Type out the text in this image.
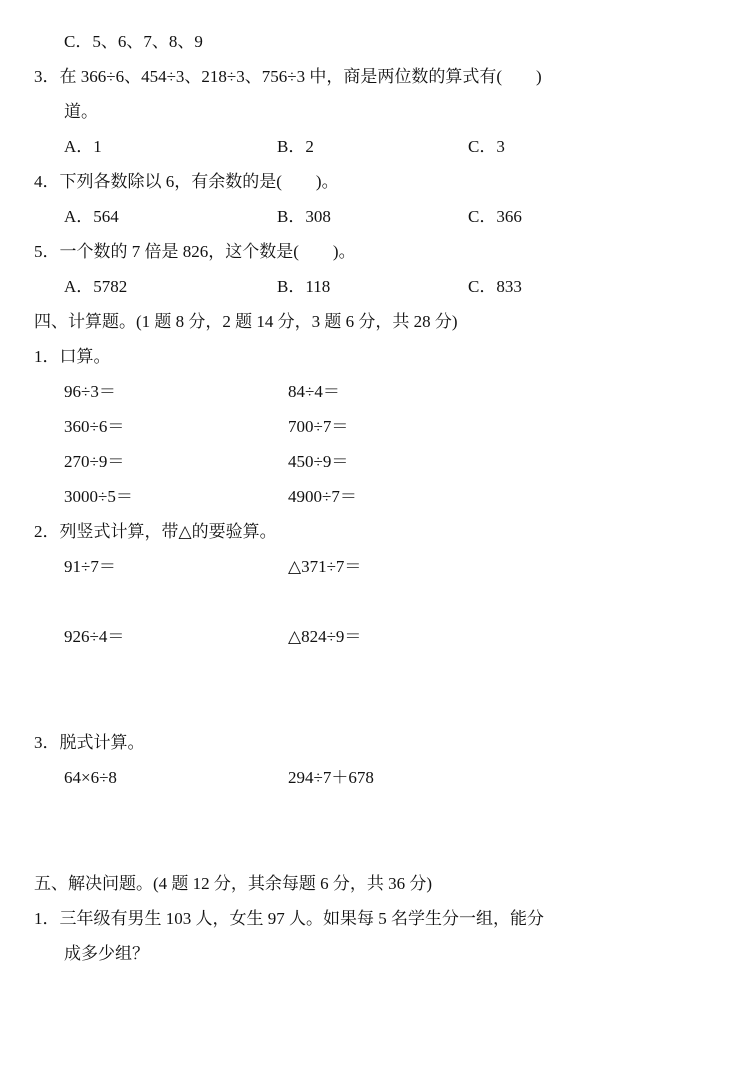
C．5、6、7、8、9
3．在 366÷6、454÷3、218÷3、756÷3 中，商是两位数的算式有(　　)
道。
A．1	B．2	C．3
4．下列各数除以 6，有余数的是(　　)。
A．564	B．308	C．366
5．一个数的 7 倍是 826，这个数是(　　)。
A．5782	B．118	C．833
四、计算题。(1 题 8 分，2 题 14 分，3 题 6 分，共 28 分)
1．口算。
96÷3＝	84÷4＝
360÷6＝	700÷7＝
270÷9＝	450÷9＝
3000÷5＝	4900÷7＝
2．列竖式计算，带△的要验算。
91÷7＝	△371÷7＝
926÷4＝	△824÷9＝
3．脱式计算。
64×6÷8	294÷7＋678
五、解决问题。(4 题 12 分，其余每题 6 分，共 36 分)
1．三年级有男生 103 人，女生 97 人。如果每 5 名学生分一组，能分
成多少组？
